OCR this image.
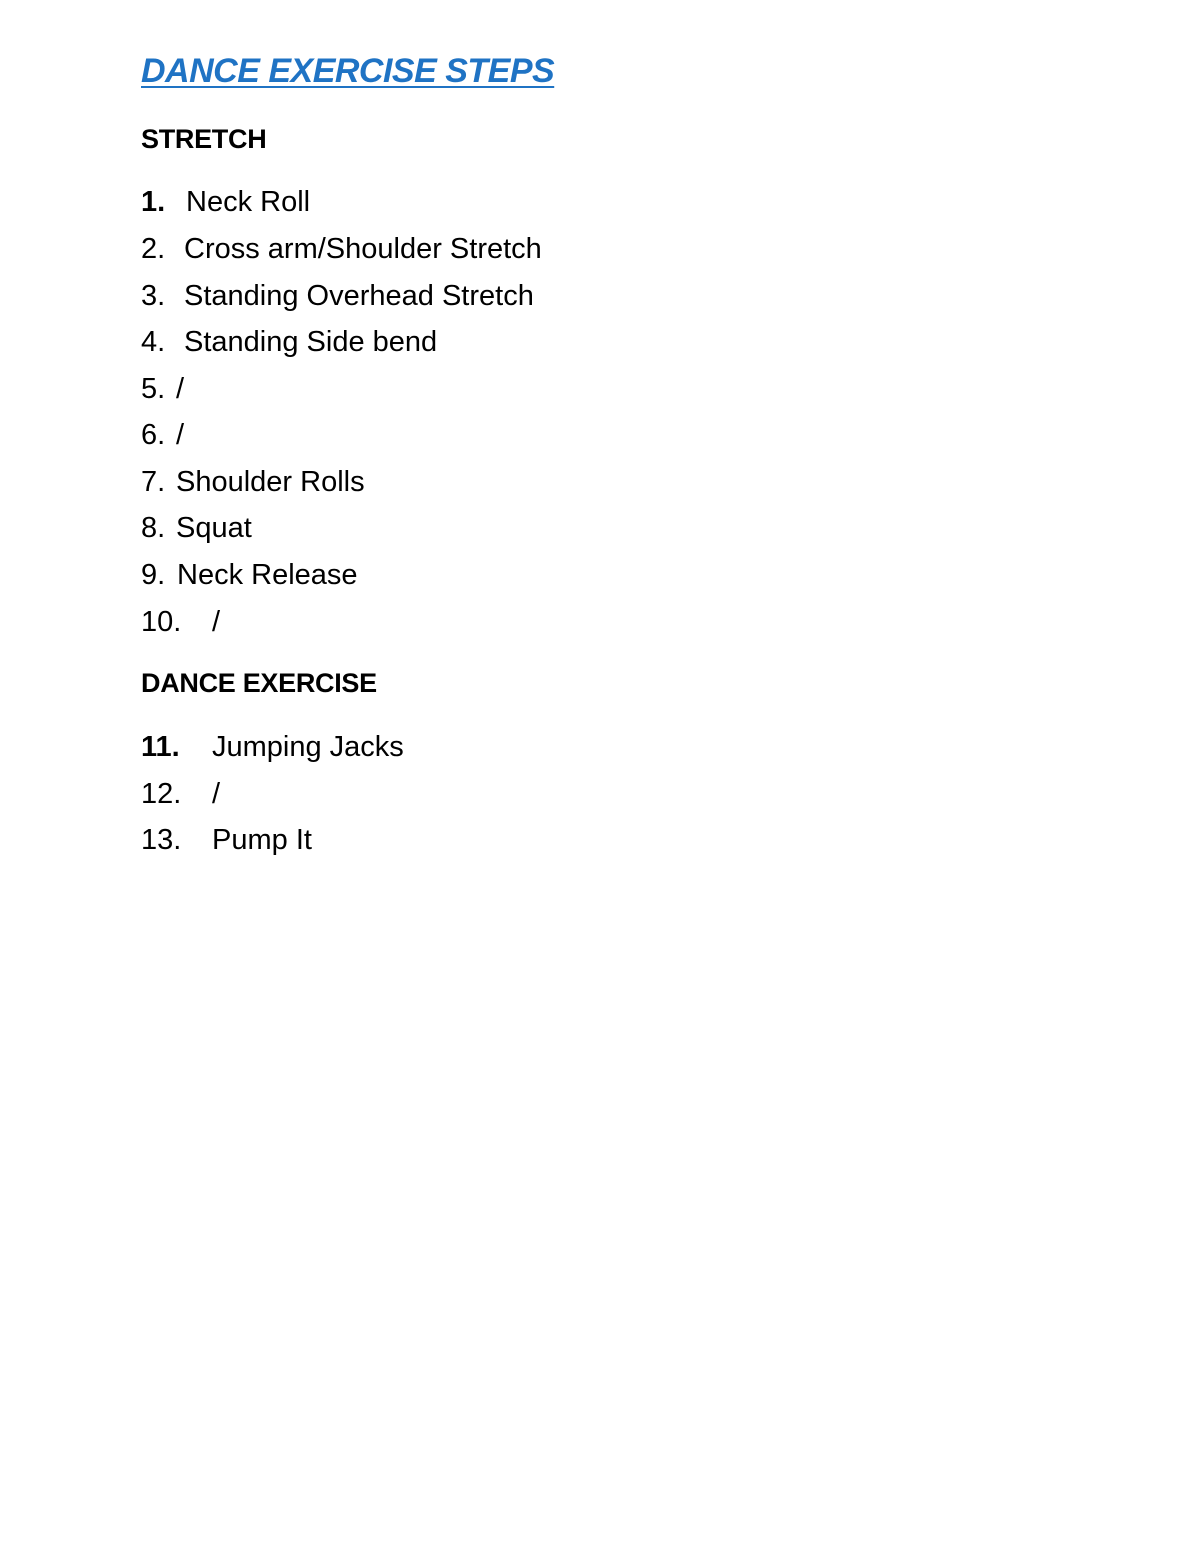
DANCE EXERCISE STEPS
STRETCH
1. Neck Roll
2. Cross arm/Shoulder Stretch
3. Standing Overhead Stretch
4. Standing Side bend
5. /
6. /
7. Shoulder Rolls
8. Squat
9. Neck Release
10. /
DANCE EXERCISE
11. Jumping Jacks
12. /
13. Pump It
